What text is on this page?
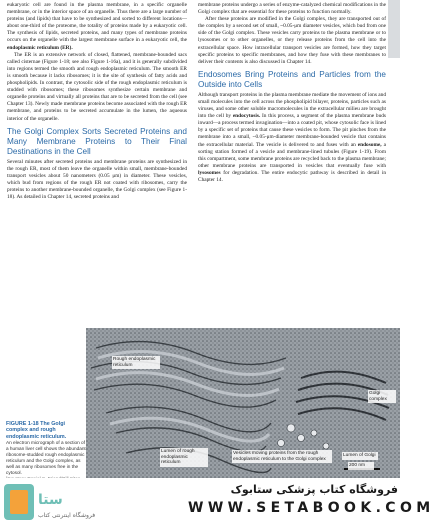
eukaryotic cell are found in the plasma membrane, in a specific organelle membrane, or in the interior space of an organelle. Thus there are a large number of proteins (and lipids) that have to be synthesized and sorted to different locations—about one-third of the proteome, the totality of proteins made by a eukaryotic cell. The synthesis of lipids, secreted proteins, and many types of membrane proteins occurs on the organelle with the largest membrane surface in a eukaryotic cell, the endoplasmic reticulum (ER).

The ER is an extensive network of closed, flattened, membrane-bounded sacs called cisternae (Figure 1-18; see also Figure 1-16a), and it is generally subdivided into regions termed the smooth and rough endoplasmic reticulum. The smooth ER is smooth because it lacks ribosomes; it is the site of synthesis of fatty acids and phospholipids. In contrast, the cytosolic side of the rough endoplasmic reticulum is studded with ribosomes; these ribosomes synthesize certain membrane and organelle proteins and virtually all proteins that are to be secreted from the cell (see Chapter 13). Newly made membrane proteins become associated with the rough ER membrane, and proteins to be secreted accumulate in the lumen, the aqueous interior of the organelle.

The Golgi Complex Sorts Secreted Proteins and Many Membrane Proteins to Their Final Destinations in the Cell

Several minutes after secreted proteins and membrane proteins are synthesized in the rough ER, most of them leave the organelle within small, membrane-bounded transport vesicles about 50 nanometers (0.05 μm) in diameter. These vesicles, which bud from regions of the rough ER not coated with ribosomes, carry the proteins to another membrane-bounded organelle, the Golgi complex (see Figure 1-18). As detailed in Chapter 14, secreted proteins and

membrane proteins undergo a series of enzyme-catalyzed chemical modifications in the Golgi complex that are essential for these proteins to function normally.

After these proteins are modified in the Golgi complex, they are transported out of the complex by a second set of small, ~0.05-μm diameter vesicles, which bud from one side of the Golgi complex. These vesicles carry proteins to the plasma membrane or to lysosomes or to other organelles, or they release proteins from the cell into the extracellular space. How intracellular transport vesicles are formed, how they target specific proteins to specific membranes, and how they fuse with these membranes to deliver their contents is also discussed in Chapter 14.

Endosomes Bring Proteins and Particles from the Outside into Cells

Although transport proteins in the plasma membrane mediate the movement of ions and small molecules into the cell across the phospholipid bilayer, proteins, particles such as viruses, and some other soluble macromolecules in the extracellular milieu are brought into the cell by endocytosis. In this process, a segment of the plasma membrane buds inward—a process termed invagination—into a coated pit, whose cytosolic face is lined by a specific set of proteins that cause these vesicles to form. The pit pinches from the membrane into a small, ~0.05-μm-diameter membrane-bounded vesicle that contains the extracellular material. The vesicle is delivered to and fuses with an endosome, a sorting station formed of a vesicle and membrane-lined tubules (Figure 1-19). From this compartment, some membrane proteins are recycled back to the plasma membrane; other membrane proteins are transported in vesicles that eventually fuse with lysosomes for degradation. The entire endocytic pathway is described in detail in Chapter 14.

Rough endoplasmic reticulum
Golgi complex
Lumen of rough endoplasmic reticulum
Vesicles moving proteins from the rough endoplasmic reticulum to the Golgi complex
Lumen of Golgi
200 nm
FIGURE 1-18 The Golgi complex and rough endoplasmic reticulum.
An electron micrograph of a section of a human liver cell shows the abundant ribosome-studded rough endoplasmic reticulum and the Golgi complex, as well as many ribosomes free in the cytosol.
ستا
فروشگاه اینترنتی کتاب
فروشگاه کتاب پزشکی ستابوک
WWW.SETABOOK.COM
